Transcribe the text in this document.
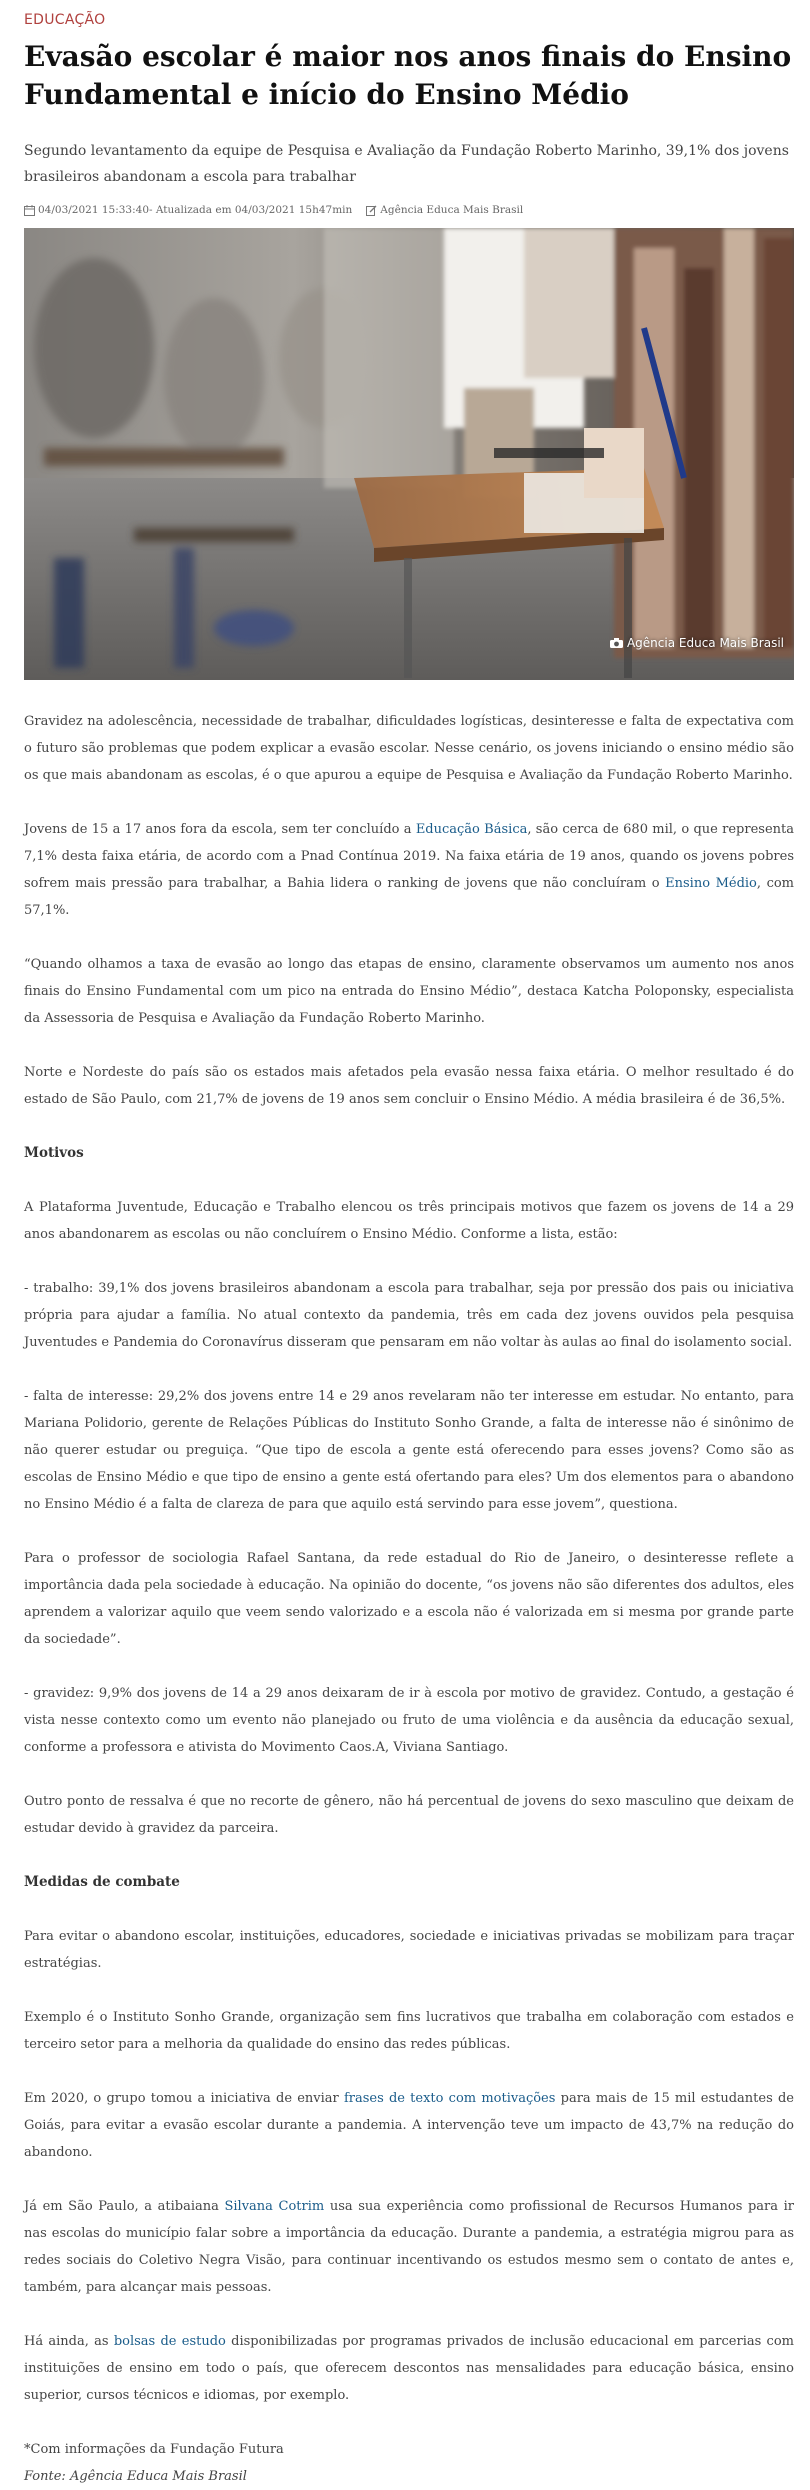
EDUCAÇÃO
Evasão escolar é maior nos anos finais do Ensino Fundamental e início do Ensino Médio

Segundo levantamento da equipe de Pesquisa e Avaliação da Fundação Roberto Marinho, 39,1% dos jovens brasileiros abandonam a escola para trabalhar

04/03/2021 15:33:40 - Atualizada em 04/03/2021 15h47min	Agência Educa Mais Brasil
Agência Educa Mais Brasil

Gravidez na adolescência, necessidade de trabalhar, dificuldades logísticas, desinteresse e falta de expectativa com o futuro são problemas que podem explicar a evasão escolar. Nesse cenário, os jovens iniciando o ensino médio são os que mais abandonam as escolas, é o que apurou a equipe de Pesquisa e Avaliação da Fundação Roberto Marinho.

Jovens de 15 a 17 anos fora da escola, sem ter concluído a Educação Básica, são cerca de 680 mil, o que representa 7,1% desta faixa etária, de acordo com a Pnad Contínua 2019. Na faixa etária de 19 anos, quando os jovens pobres sofrem mais pressão para trabalhar, a Bahia lidera o ranking de jovens que não concluíram o Ensino Médio, com 57,1%.

“Quando olhamos a taxa de evasão ao longo das etapas de ensino, claramente observamos um aumento nos anos finais do Ensino Fundamental com um pico na entrada do Ensino Médio”, destaca Katcha Poloponsky, especialista da Assessoria de Pesquisa e Avaliação da Fundação Roberto Marinho.

Norte e Nordeste do país são os estados mais afetados pela evasão nessa faixa etária. O melhor resultado é do estado de São Paulo, com 21,7% de jovens de 19 anos sem concluir o Ensino Médio. A média brasileira é de 36,5%.

Motivos

A Plataforma Juventude, Educação e Trabalho elencou os três principais motivos que fazem os jovens de 14 a 29 anos abandonarem as escolas ou não concluírem o Ensino Médio. Conforme a lista, estão:

- trabalho: 39,1% dos jovens brasileiros abandonam a escola para trabalhar, seja por pressão dos pais ou iniciativa própria para ajudar a família. No atual contexto da pandemia, três em cada dez jovens ouvidos pela pesquisa Juventudes e Pandemia do Coronavírus disseram que pensaram em não voltar às aulas ao final do isolamento social.

- falta de interesse: 29,2% dos jovens entre 14 e 29 anos revelaram não ter interesse em estudar. No entanto, para Mariana Polidorio, gerente de Relações Públicas do Instituto Sonho Grande, a falta de interesse não é sinônimo de não querer estudar ou preguiça. “Que tipo de escola a gente está oferecendo para esses jovens? Como são as escolas de Ensino Médio e que tipo de ensino a gente está ofertando para eles? Um dos elementos para o abandono no Ensino Médio é a falta de clareza de para que aquilo está servindo para esse jovem”, questiona.

Para o professor de sociologia Rafael Santana, da rede estadual do Rio de Janeiro, o desinteresse reflete a importância dada pela sociedade à educação. Na opinião do docente, “os jovens não são diferentes dos adultos, eles aprendem a valorizar aquilo que veem sendo valorizado e a escola não é valorizada em si mesma por grande parte da sociedade”.

- gravidez: 9,9% dos jovens de 14 a 29 anos deixaram de ir à escola por motivo de gravidez. Contudo, a gestação é vista nesse contexto como um evento não planejado ou fruto de uma violência e da ausência da educação sexual, conforme a professora e ativista do Movimento Caos.A, Viviana Santiago.

Outro ponto de ressalva é que no recorte de gênero, não há percentual de jovens do sexo masculino que deixam de estudar devido à gravidez da parceira.

Medidas de combate

Para evitar o abandono escolar, instituições, educadores, sociedade e iniciativas privadas se mobilizam para traçar estratégias.

Exemplo é o Instituto Sonho Grande, organização sem fins lucrativos que trabalha em colaboração com estados e terceiro setor para a melhoria da qualidade do ensino das redes públicas.

Em 2020, o grupo tomou a iniciativa de enviar frases de texto com motivações para mais de 15 mil estudantes de Goiás, para evitar a evasão escolar durante a pandemia. A intervenção teve um impacto de 43,7% na redução do abandono.

Já em São Paulo, a atibaiana Silvana Cotrim usa sua experiência como profissional de Recursos Humanos para ir nas escolas do município falar sobre a importância da educação. Durante a pandemia, a estratégia migrou para as redes sociais do Coletivo Negra Visão, para continuar incentivando os estudos mesmo sem o contato de antes e, também, para alcançar mais pessoas.

Há ainda, as bolsas de estudo disponibilizadas por programas privados de inclusão educacional em parcerias com instituições de ensino em todo o país, que oferecem descontos nas mensalidades para educação básica, ensino superior, cursos técnicos e idiomas, por exemplo.

*Com informações da Fundação Futura

Fonte: Agência Educa Mais Brasil
